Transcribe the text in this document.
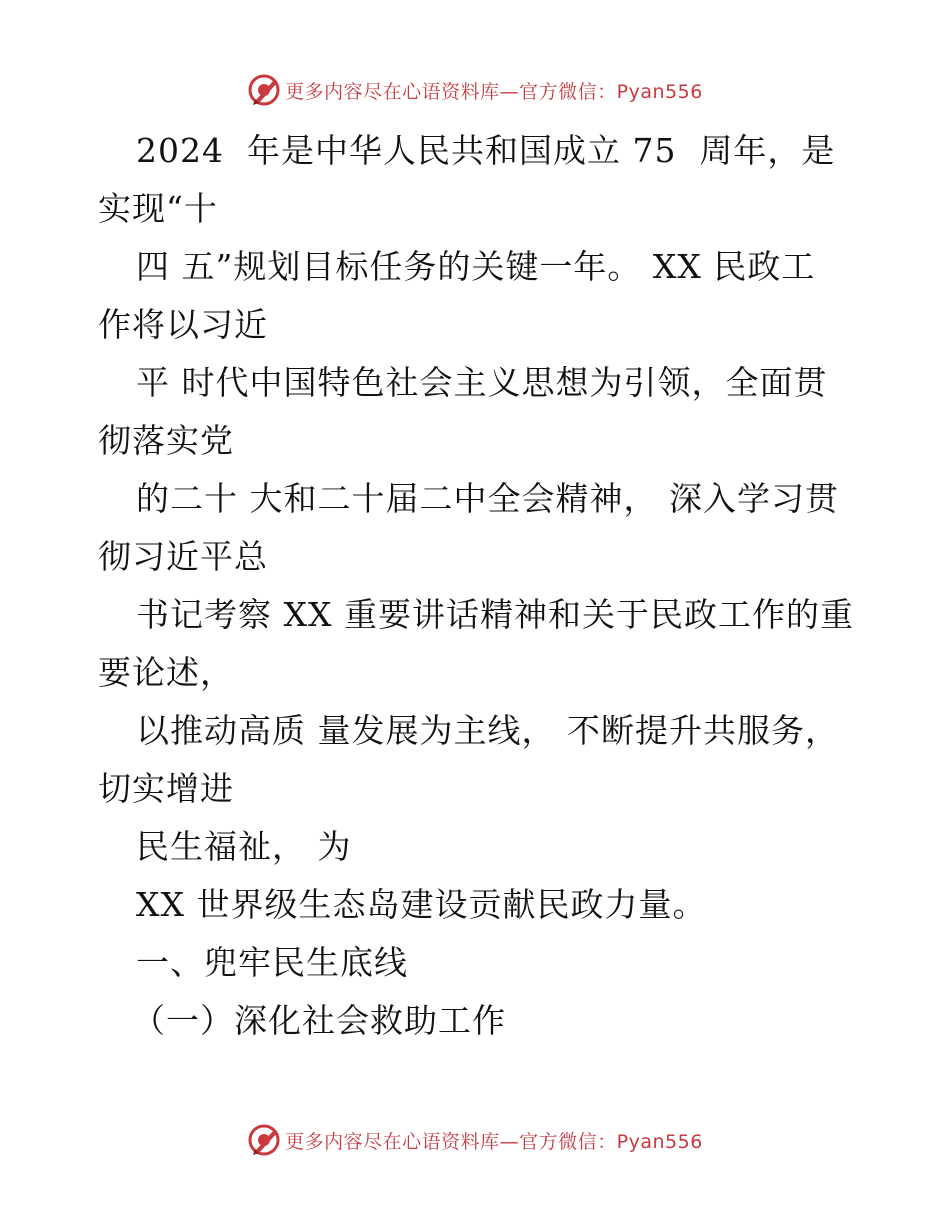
更多内容尽在心语资料库—官方微信：Pyan556
2024  年是中华人民共和国成立 75  周年，是
实现“十
四 五”规划目标任务的关键一年。 XX 民政工
作将以习近
平 时代中国特色社会主义思想为引领，全面贯
彻落实党
的二十 大和二十届二中全会精神， 深入学习贯
彻习近平总
书记考察 XX 重要讲话精神和关于民政工作的重
要论述，
以推动高质 量发展为主线， 不断提升共服务，
切实增进
民生福祉， 为
XX 世界级生态岛建设贡献民政力量。
一、兜牢民生底线
（一）深化社会救助工作
更多内容尽在心语资料库—官方微信：Pyan556
